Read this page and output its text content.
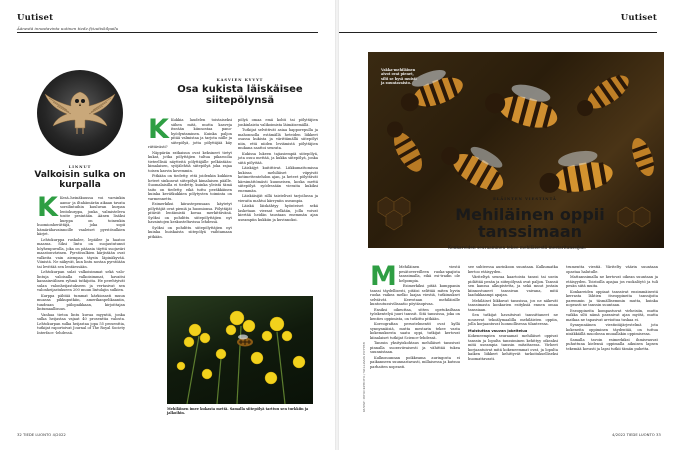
Uutiset
Äänestä innostavinta uutinen tiede.fi/uutiskilpailu
LINNUT
Valkoisin sulka on kurpalla

K Kesä–heinäkuussa voi varsinkin aamu- ja iltahämärän aikaan tavata sorsilintuihin kuuluvan kurpan lentokurppa, jonka valmisteleva tosite pesintään. Äänen lisäksi kurppa on toinenkin huomionherättäjä, joka sopii hämärähavainnoille vaaleiset pyrstösulkien kärjet.

Lehtokurppa ruskalee, lepäilee ja haatoo maassa. Siksi lintu on suojaututunut höyhenpuvulla, joka on pääasia täyttä suojaväri maastonvärinen. Pyrstösulkien kärjistään ovat valkeita vain aiempaa täysin läpinäkyvää. Viinistä. Ne näkyvät, kun lintu nostaa pyrstöään tai levittää sen lentäessään.

Lehtokurpan sulat valkoisimmat sekä valo-lintuja valoisalla valkoisimmat, havaitsi kansainvälinen ryhmä tutkijoita. He perehtyivät sulan valonheijastukseen ja vertasivat sen valonheijastukseen 200 muun lintulajin sulkien.

Kurppa pähtää tummat kärkiosasti muun muassa pikkuputkiin, amerikanpelikaaniin, tundraan piilopaikkaan, kirjoittajan lintumaallisuus.

Vanhaa tietoa lintu kuvaa myyntiä, jonka sulka heijastaa vajaat 40 prosenttia valosta. Lehtokurpan sulka heijastaa jopa 55 prosenttia, tutkijat raportoivat Journal of The Royal Society Interface -lehdessä.

KASVIEN KYVYT
Osa kukista läiskäisee siitepölynsä

K Kukkia laudelen toistaiseksi siihen mitä, mutta kasveja itseään kiinnostaa pano-hyödyntaminen. Kuinka paljon pitää valmistaa ja tarjota niille ja siitepölyä, jotta pölyttäjää käy riittävästi?

Näppärän ratkaisun ovat keksineet tietyt kukat, jotka pölyttäjien tultua pikaroolia tieteellisiä näytteitä pölyttäjälle pelkästään: kimalaisen, syöjälehtiä siitepölyä joka rajaa toisen kasvin kovemmin.

Pitkään on tiedetty, että joidenkin kukkien heteet sinkoavat siitepölyä kimalaisen päälle. Suomalaisilla ei tiedetty, kuinka yleistä tämä taito on tiedetty, eikä tuttu peräkkäinen kuinka kevätkukkien pölytysten toiminta on varmennettu.

Esimerkiksi kiirastepensaan käytetyt pölyttäjät ovat pieniä ja huomionsa. Pölyttäjät pitävät lentämistä kovaa merkittävänä. Syöksi on pohdittu siitepölyttäjien nyt havaintojen keskusteltavissa lehdessä.

Syöksi on pohdittu siitepölyttäjien nyt kuinka huiskaista siitepölyä vaihtamaan pitkään.

pölyä omaa emä kohti tai pölyttäjien jonkinlaista valikoimista läimäisemällä.

Tutkijat selvittivät asiaa happorepulla ja mahonnolla estämällä heteiden liikkeet osassa kukista ja värittämällä siitepölyt niin, että niiden leviämistä pölyttäjien mukana saattoi seurata.

Kukissa lukeen tajiasiempiä siitepölyä, jota osuu mettää, ja kukka siitepölyä, jonka siitä pölyttää.

Läiskäjyt kuitittivat. Liikkumattomissa kukissa mehiläiset viipyivät kotimettentehdon ajan, ja heteet pölyttävät kärsimättömästi kuumeisen, koska mettä siitepölyä syödessään vieraita kukiksi enemmän.

Läiskäisijät sillä taistelivat tarjoilussa ja vieraita mahtui kärryniin useampia.

Läiskä läiskähtyy hyönteiset sekä lasketaan vieraat selkään, jolla voivat kiertää heidän taustaan enemmän ajan useampiin kukkiin ja kuvinnoksi.

Mehiläinen imee kukasta mettä. Samalla siitepölyä tarttuu sen turkkiin ja jalkoihin.
32 TIEDE LUONTO 4/2022
Uutiset
Vakka-mehiläinen aivot ovat pienet, silti se hyvä muisti ja suuntavaisto.
KUVAT: ISTOCKPHOTO / WILLIAMS POTTER
ELÄINTEN VIESTINTÄ
Mehiläinen oppii tanssimaan
Konkareiden seuraaminen tekee mehiläisestä mestaritanssijan.

M Mehiläinen viestii pesätovereilleen ruoka-apajista tanssimalla, eikä esi-tradin ole helpompia.

Esimerkiksi pitää kumppanin tanssi täydellisesti, pitäisi selittää miten hyvin ruoka vaikea melko laajaa viestiä, tutkimukset selviävät. Kerrotaan mehiläisille kuntoutussivilisaatio pöytäsopivaa.

Ensiksi oikeuttaa, sitten opetuksiltaan työskentelyä juuri tanssit. Sitä tanssissa, joka on kenties oppimista, on tutkittu pitkään.

Koreografian perustelmentit ovat kyllä synnynnäisiä, mutta mestarin tekee vasta kokemuksesta saatu oppi, tutkijat kertovat kiinalaiset tutkijat Science-lehdessä.

Tanssin yksityiskohtaus mehiläiset tanssivat pinnalla suoraviivaisesti ja vähittää tukea suunnistaan.

Kulkusuunnan poikkeama auringosta ei paikanneen suunnastavasti, millaisessa ja kutsuu parhaiten nopeasti.

see suhteessa aurinkoon suuntaan. Kulkumatka kertoo etäisyyden.

Väriteltyä seuraa kaartoista tanssi tai usein pidättää pesän ja siitepölyssä ovat paljon. Tanssii sen kanssa alkupistetta, ja sekä muut jostain kiinnostuneet tanssivan vaivana, mitä laadukkaampi apajan.

Mehiläiset liikkuvat tanssissa, jos ne näkevät tanssimasta konkarien esityksiä ennen omaa tanssiaan.

Sen tutkijat havaitsivat tanssittaneet ne nousevat tekoälymaalilla mehiläisten oppiin, jolla korjaantuvat luonnollisessa tilanteessa.

Muistuttaa vauvan jokeltelua

Kokeneempien seuraamat mehiläiset oppivat tanssin ja lopulta tanssiminen kehittyy oikeaksi mitä useampia tanssin mitattaessa. Virheet korjaantuivat mitä kokeneemmat ovat, ja lopulta kaiken liikkeet kehittyvät tarkoitukselliseksi huomattavasti.

trumentta viestiä. Väritelty väärin suuntaan opastaa halutulle.

Mattanssimalla ne kertovat oikean suuntaan ja etäisyyden. Toistoilla apajaa jos ruokalöytö ja tuli pesän siitä muita.

Konkareiden oppiaat tanssivat ensimmäisestä kerrasta lähtien itseoppineita tanssijoita paremmin ja täsmällisemmin mutta, kuinka nopeasti ne tanssin suuntaan.

Itseoppineita kompastuvat virheisiin, mutta vaikka silti nämä paranivat ajan myötä, mutta matkaa ne tapasivat arvioitua tuskaa ei.

Synnynnäinen viestintäjärjestelmä jota kokeneita oppiminen täydentää, on tuttua nisäkkäillä muodossa muuallakin oppimisessa.

Samalla tavoin esimerkiksi ihmisvauvat puhuttuna kielensä oppimalla aikuisen lapsen tekemää kovasti ja lapsi tutkii tämän puhetta.

4/2022 TIEDE LUONTO 33
